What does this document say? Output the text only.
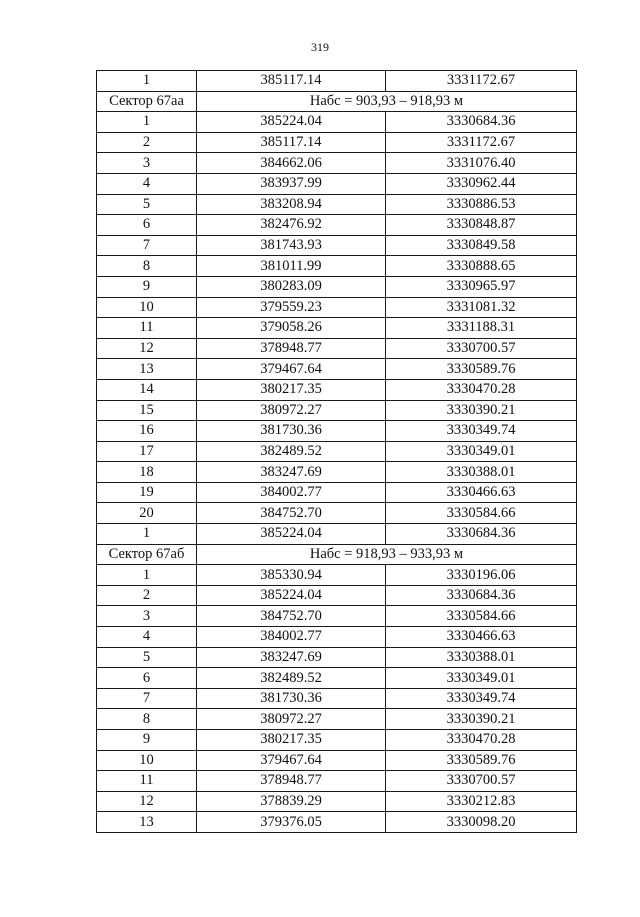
319
1	385117.14	3331172.67
Сектор 67аа	Набс = 903,93 – 918,93 м	
1	385224.04	3330684.36
2	385117.14	3331172.67
3	384662.06	3331076.40
4	383937.99	3330962.44
5	383208.94	3330886.53
6	382476.92	3330848.87
7	381743.93	3330849.58
8	381011.99	3330888.65
9	380283.09	3330965.97
10	379559.23	3331081.32
11	379058.26	3331188.31
12	378948.77	3330700.57
13	379467.64	3330589.76
14	380217.35	3330470.28
15	380972.27	3330390.21
16	381730.36	3330349.74
17	382489.52	3330349.01
18	383247.69	3330388.01
19	384002.77	3330466.63
20	384752.70	3330584.66
1	385224.04	3330684.36
Сектор 67аб	Набс = 918,93 – 933,93 м	
1	385330.94	3330196.06
2	385224.04	3330684.36
3	384752.70	3330584.66
4	384002.77	3330466.63
5	383247.69	3330388.01
6	382489.52	3330349.01
7	381730.36	3330349.74
8	380972.27	3330390.21
9	380217.35	3330470.28
10	379467.64	3330589.76
11	378948.77	3330700.57
12	378839.29	3330212.83
13	379376.05	3330098.20
